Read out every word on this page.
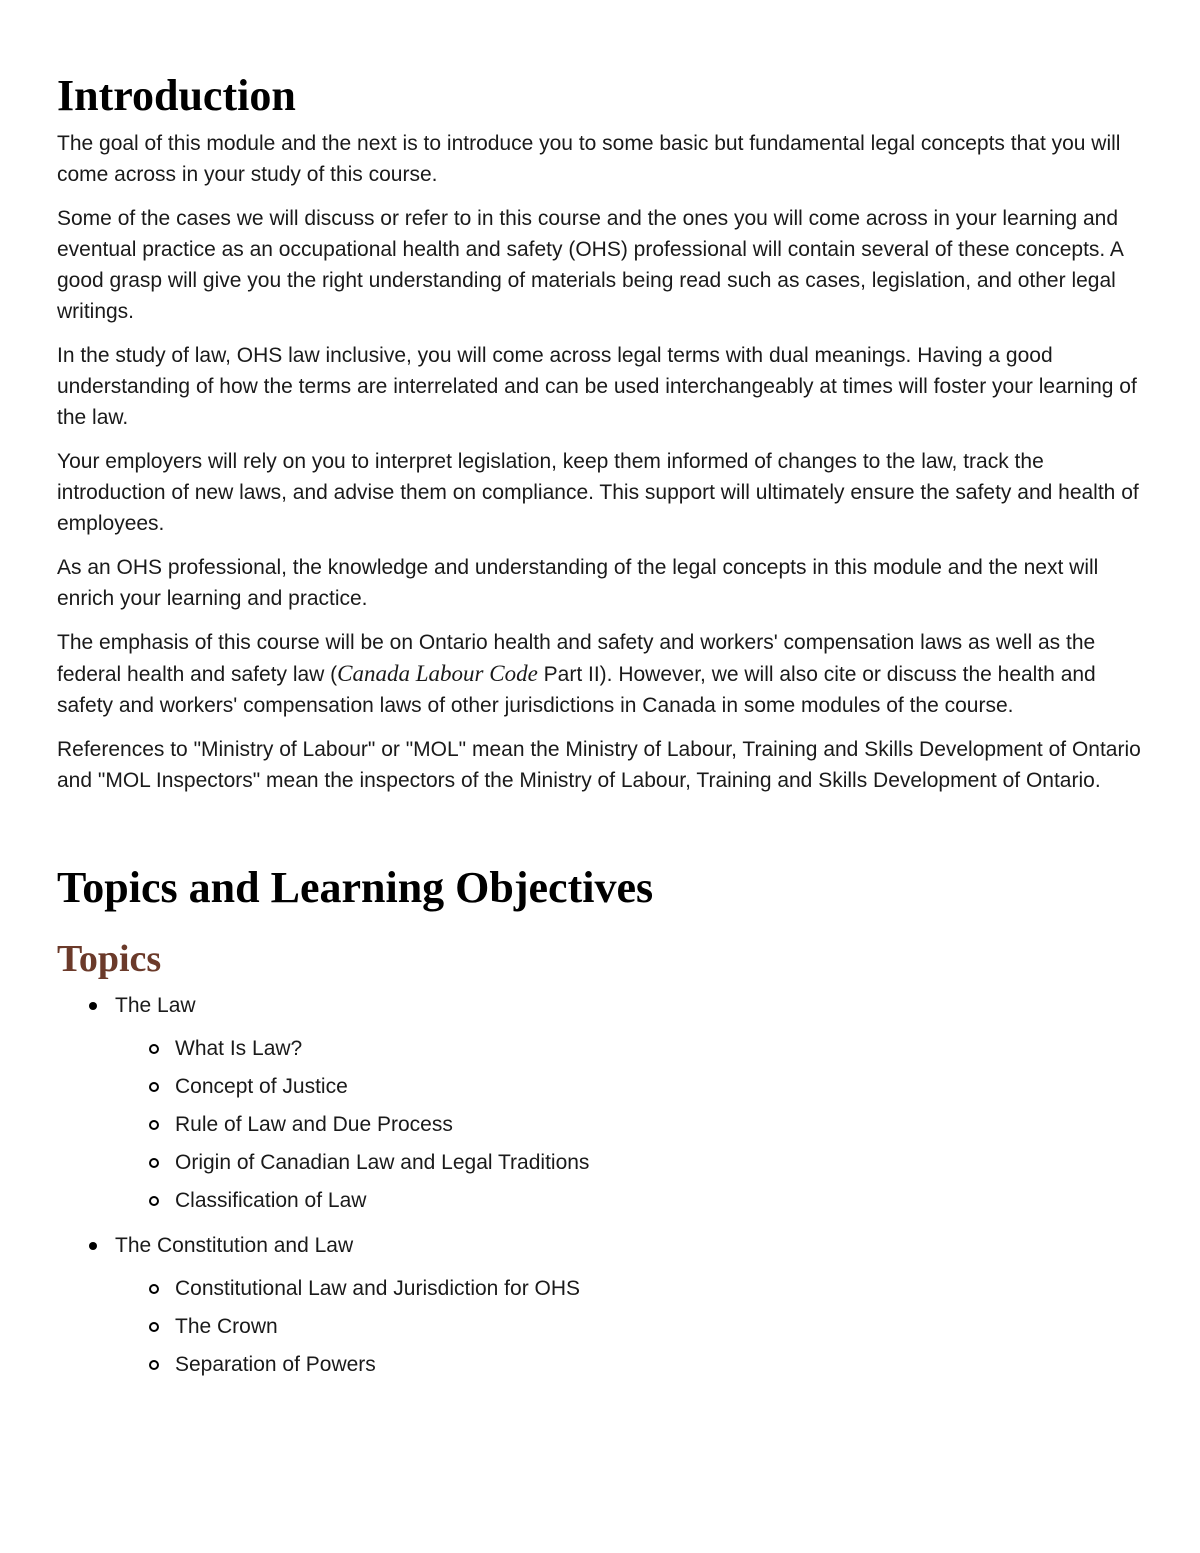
Introduction

The goal of this module and the next is to introduce you to some basic but fundamental legal concepts that you will come across in your study of this course.

Some of the cases we will discuss or refer to in this course and the ones you will come across in your learning and eventual practice as an occupational health and safety (OHS) professional will contain several of these concepts. A good grasp will give you the right understanding of materials being read such as cases, legislation, and other legal writings.

In the study of law, OHS law inclusive, you will come across legal terms with dual meanings. Having a good understanding of how the terms are interrelated and can be used interchangeably at times will foster your learning of the law.

Your employers will rely on you to interpret legislation, keep them informed of changes to the law, track the introduction of new laws, and advise them on compliance. This support will ultimately ensure the safety and health of employees.

As an OHS professional, the knowledge and understanding of the legal concepts in this module and the next will enrich your learning and practice.

The emphasis of this course will be on Ontario health and safety and workers' compensation laws as well as the federal health and safety law (Canada Labour Code Part II). However, we will also cite or discuss the health and safety and workers' compensation laws of other jurisdictions in Canada in some modules of the course.

References to "Ministry of Labour" or "MOL" mean the Ministry of Labour, Training and Skills Development of Ontario and "MOL Inspectors" mean the inspectors of the Ministry of Labour, Training and Skills Development of Ontario.

Topics and Learning Objectives
Topics
The Law
What Is Law?
Concept of Justice
Rule of Law and Due Process
Origin of Canadian Law and Legal Traditions
Classification of Law
The Constitution and Law
Constitutional Law and Jurisdiction for OHS
The Crown
Separation of Powers
